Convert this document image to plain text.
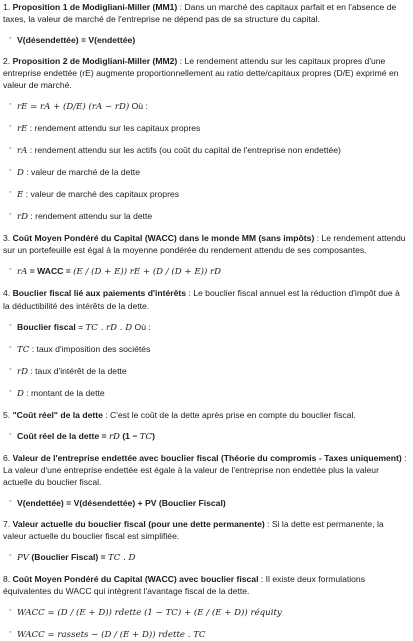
1. Proposition 1 de Modigliani-Miller (MM1) : Dans un marché des capitaux parfait et en l'absence de taxes, la valeur de marché de l'entreprise ne dépend pas de sa structure du capital.

◦ V(désendettée) = V(endettée)

2. Proposition 2 de Modigliani-Miller (MM2) : Le rendement attendu sur les capitaux propres d'une entreprise endettée (rE) augmente proportionnellement au ratio dette/capitaux propres (D/E) exprimé en valeur de marché.

◦ rE = rA + (D/E) (rA − rD) Où :
◦ rE : rendement attendu sur les capitaux propres
◦ rA : rendement attendu sur les actifs (ou coût du capital de l'entreprise non endettée)
◦ D : valeur de marché de la dette
◦ E : valeur de marché des capitaux propres
◦ rD : rendement attendu sur la dette

3. Coût Moyen Pondéré du Capital (WACC) dans le monde MM (sans impôts) : Le rendement attendu sur un portefeuille est égal à la moyenne pondérée du rendement attendu de ses composantes.

◦ rA = WACC = (E / (D + E)) rE + (D / (D + E)) rD

4. Bouclier fiscal lié aux paiements d'intérêts : Le bouclier fiscal annuel est la réduction d'impôt due à la déductibilité des intérêts de la dette.

◦ Bouclier fiscal = TC . rD . D Où :
◦ TC : taux d'imposition des sociétés
◦ rD : taux d'intérêt de la dette
◦ D : montant de la dette

5. "Coût réel" de la dette : C'est le coût de la dette après prise en compte du bouclier fiscal.

◦ Coût réel de la dette = rD (1 − TC)

6. Valeur de l'entreprise endettée avec bouclier fiscal (Théorie du compromis - Taxes uniquement) : La valeur d'une entreprise endettée est égale à la valeur de l'entreprise non endettée plus la valeur actuelle du bouclier fiscal.

◦ V(endettée) = V(désendettée) + PV (Bouclier Fiscal)

7. Valeur actuelle du bouclier fiscal (pour une dette permanente) : Si la dette est permanente, la valeur actuelle du bouclier fiscal est simplifiée.

◦ PV (Bouclier Fiscal) = TC . D

8. Coût Moyen Pondéré du Capital (WACC) avec bouclier fiscal : Il existe deux formulations équivalentes du WACC qui intègrent l'avantage fiscal de la dette.

◦ WACC = (D / (E + D)) rdette (1 − TC) + (E / (E + D)) réquity
◦ WACC = rassets − (D / (E + D)) rdette . TC
